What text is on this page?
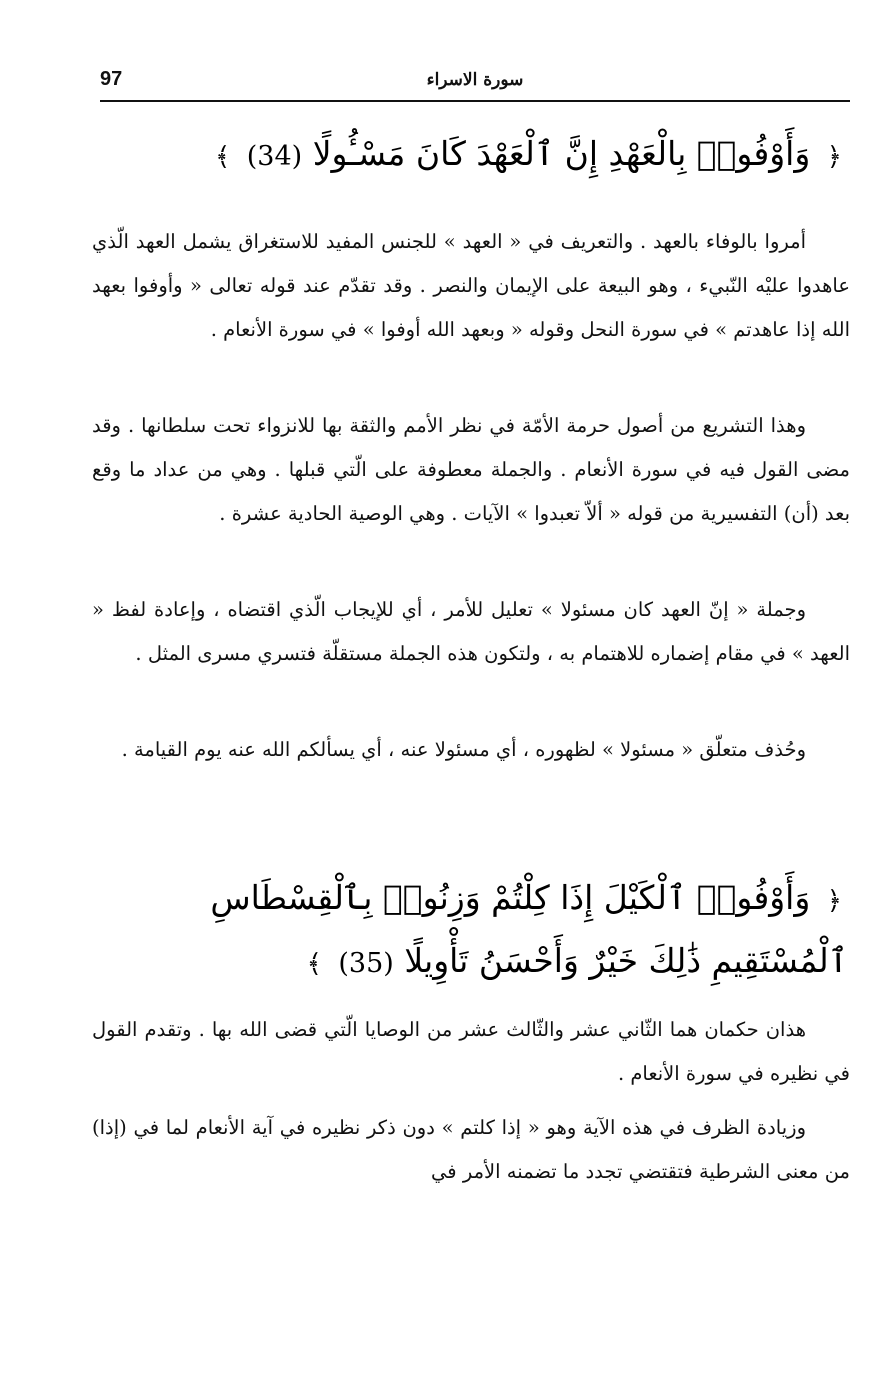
97	سورة الاسراء
﴿ وَأَوْفُوا۟ بِالْعَهْدِ إِنَّ ٱلْعَهْدَ كَانَ مَسْـُٔولًا (34) ﴾

أمروا بالوفاء بالعهد . والتعريف في « العهد » للجنس المفيد للاستغراق يشمل العهد الّذي عاهدوا عليْه النّبيء ، وهو البيعة على الإيمان والنصر . وقد تقدّم عند قوله تعالى « وأوفوا بعهد الله إذا عاهدتم » في سورة النحل وقوله « وبعهد الله أوفوا » في سورة الأنعام .

وهذا التشريع من أصول حرمة الأمّة في نظر الأمم والثقة بها للانزواء تحت سلطانها . وقد مضى القول فيه في سورة الأنعام . والجملة معطوفة على الّتي قبلها . وهي من عداد ما وقع بعد (أن) التفسيرية من قوله « ألاّ تعبدوا » الآيات . وهي الوصية الحادية عشرة .

وجملة « إنّ العهد كان مسئولا » تعليل للأمر ، أي للإيجاب الّذي اقتضاه ، وإعادة لفظ « العهد » في مقام إضماره للاهتمام به ، ولتكون هذه الجملة مستقلّة فتسري مسرى المثل .

وحُذف متعلّق « مسئولا » لظهوره ، أي مسئولا عنه ، أي يسألكم الله عنه يوم القيامة .

﴿ وَأَوْفُوا۟ ٱلْكَيْلَ إِذَا كِلْتُمْ وَزِنُوا۟ بِٱلْقِسْطَاسِ ٱلْمُسْتَقِيمِ ذَٰلِكَ خَيْرٌ وَأَحْسَنُ تَأْوِيلًا (35) ﴾

هذان حكمان هما الثّاني عشر والثّالث عشر من الوصايا الّتي قضى الله بها . وتقدم القول في نظيره في سورة الأنعام .

وزيادة الظرف في هذه الآية وهو « إذا كلتم » دون ذكر نظيره في آية الأنعام لما في (إذا) من معنى الشرطية فتقتضي تجدد ما تضمنه الأمر في
